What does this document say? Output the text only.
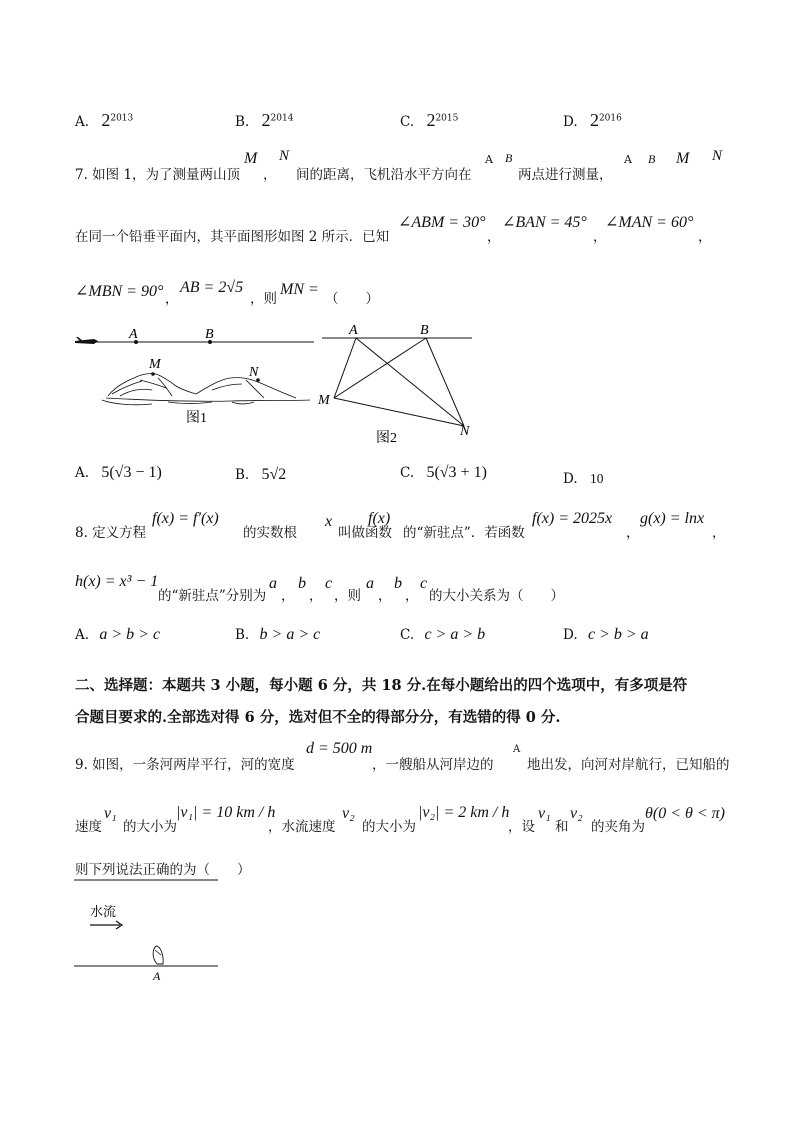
A. $2^{2013}$	B. $2^{2014}$	C. $2^{2015}$	D. $2^{2016}$
7. 如图 1，为了测量两山顶
M
，
N
间的距离，飞机沿水平方向在
A B
两点进行测量，
A B M N
在同一个铅垂平面内，其平面图形如图 2 所示．已知
∠ABM = 30°
，
∠BAN = 45°
，
∠MAN = 60°
，
∠MBN = 90° ，
AB = 2√5
，则
MN =
（　　）
A	B
M
N
图1
A	B
M
N
图2
A. 5(√3 − 1)	B. 5√2	C. 5(√3 + 1)	D. 10
8. 定义方程
f(x) = f′(x)
的实数根
x
叫做函数
f(x)
的“新驻点”．若函数
f(x) = 2025x
，
g(x) = lnx
，
h(x) = x³ − 1
的“新驻点”分别为
a
，
b
，
c
，则
a
，
b
，
c
的大小关系为（　　）
A. a > b > c	B. b > a > c	C. c > a > b	D. c > b > a
二、选择题：本题共 3 小题，每小题 6 分，共 18 分.在每小题给出的四个选项中，有多项是符
合题目要求的.全部选对得 6 分，选对但不全的得部分分，有选错的得 0 分.
9. 如图，一条河两岸平行，河的宽度
d = 500 m
，一艘船从河岸边的
A
地出发，向河对岸航行，已知船的
速度
v₁
的大小为
|v₁| = 10 km / h
，水流速度
v₂
的大小为
|v₂| = 2 km / h
，设
v₁
和
v₂
的夹角为
θ(0 < θ < π)
则下列说法正确的为（　　）
水流
A
